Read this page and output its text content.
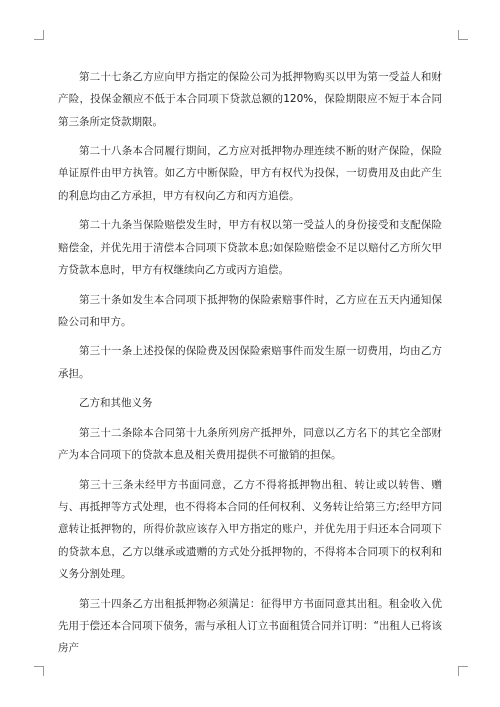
第二十七条乙方应向甲方指定的保险公司为抵押物购买以甲为第一受益人和财产险，投保金额应不低于本合同项下贷款总额的120%，保险期限应不短于本合同第三条所定贷款期限。

第二十八条本合同履行期间，乙方应对抵押物办理连续不断的财产保险，保险单证原件由甲方执管。如乙方中断保险，甲方有权代为投保，一切费用及由此产生的利息均由乙方承担，甲方有权向乙方和丙方追偿。

第二十九条当保险赔偿发生时，甲方有权以第一受益人的身份接受和支配保险赔偿金，并优先用于清偿本合同项下贷款本息;如保险赔偿金不足以赔付乙方所欠甲方贷款本息时，甲方有权继续向乙方或丙方追偿。

第三十条如发生本合同项下抵押物的保险索赔事件时，乙方应在五天内通知保险公司和甲方。

第三十一条上述投保的保险费及因保险索赔事件而发生原一切费用，均由乙方承担。

乙方和其他义务

第三十二条除本合同第十九条所列房产抵押外，同意以乙方名下的其它全部财产为本合同项下的贷款本息及相关费用提供不可撤销的担保。

第三十三条未经甲方书面同意，乙方不得将抵押物出租、转让或以转售、赠与、再抵押等方式处理，也不得将本合同的任何权利、义务转让给第三方;经甲方同意转让抵押物的，所得价款应该存入甲方指定的账户，并优先用于归还本合同项下的贷款本息，乙方以继承或遗赠的方式处分抵押物的，不得将本合同项下的权利和义务分割处理。

第三十四条乙方出租抵押物必须满足：征得甲方书面同意其出租。租金收入优先用于偿还本合同项下债务，需与承租人订立书面租赁合同并订明：“出租人已将该房产
